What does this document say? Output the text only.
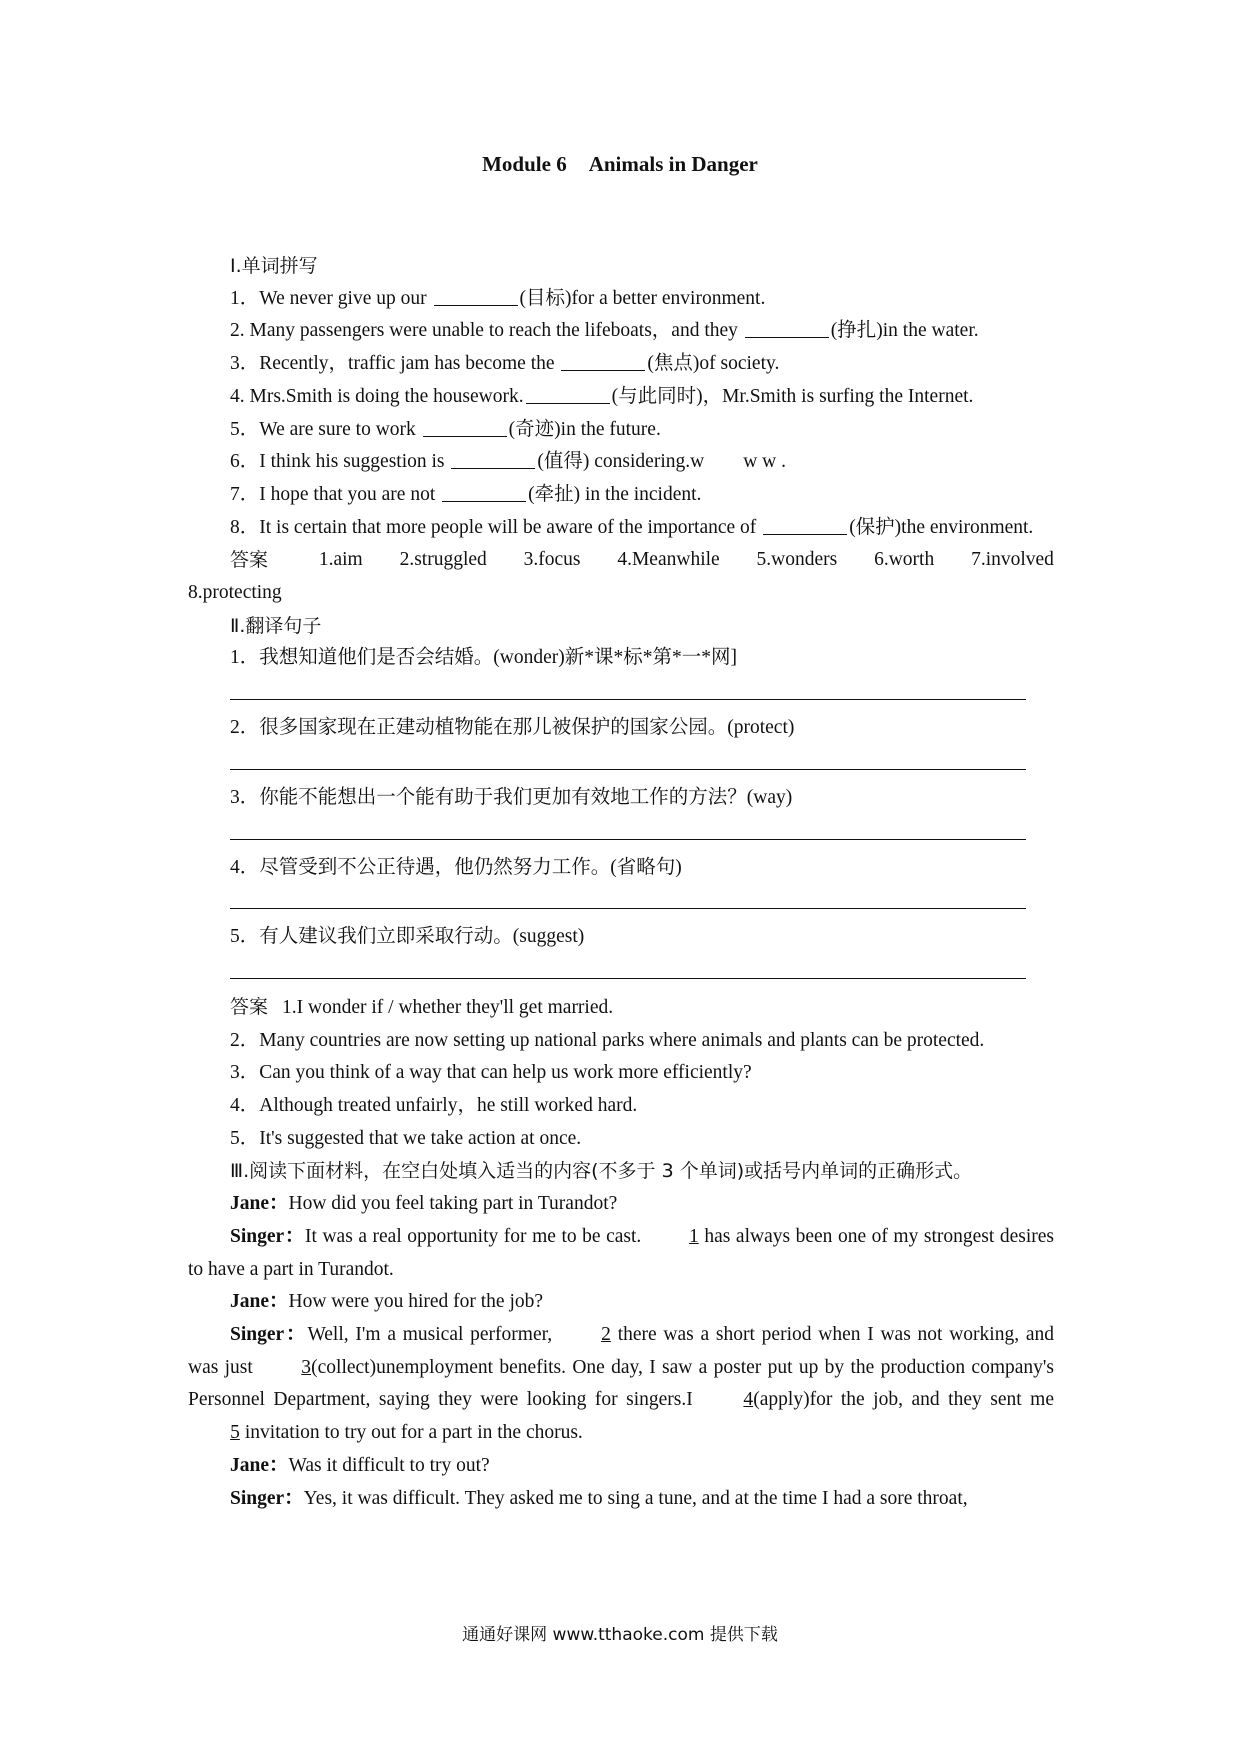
Module 6 Animals in Danger

Ⅰ.单词拼写

1．We never give up our	(目标)for a better environment.

2. Many passengers were unable to reach the lifeboats，and they	(挣扎)in the water.

3．Recently，traffic jam has become the	(焦点)of society.

4. Mrs.Smith is doing the housework.	(与此同时)，Mr.Smith is surfing the Internet.

5．We are sure to work	(奇迹)in the future.

6．I think his suggestion is	(值得) considering.w　　w w .

7．I hope that you are not	(牵扯) in the incident.

8．It is certain that more people will be aware of the importance of	(保护)the environment.

答案	1.aim 2.struggled 3.focus 4.Meanwhile 5.wonders 6.worth 7.involved

8.protecting

Ⅱ.翻译句子

1．我想知道他们是否会结婚。(wonder)新*课*标*第*一*网]

2．很多国家现在正建动植物能在那儿被保护的国家公园。(protect)

3．你能不能想出一个能有助于我们更加有效地工作的方法？(way)

4．尽管受到不公正待遇，他仍然努力工作。(省略句)

5．有人建议我们立即采取行动。(suggest)

答案 1.I wonder if / whether they'll get married.

2．Many countries are now setting up national parks where animals and plants can be protected.

3．Can you think of a way that can help us work more efficiently?

4．Although treated unfairly，he still worked hard.

5．It's suggested that we take action at once.

Ⅲ.阅读下面材料，在空白处填入适当的内容(不多于 3 个单词)或括号内单词的正确形式。

Jane：How did you feel taking part in Turandot?

Singer：It was a real opportunity for me to be cast. 1 has always been one of my strongest desires to have a part in Turandot.

Jane：How were you hired for the job?

Singer：Well, I'm a musical performer, 2 there was a short period when I was not working, and was just 3(collect)unemployment benefits. One day, I saw a poster put up by the production company's Personnel Department, saying they were looking for singers.I 4(apply)for the job, and they sent me 5 invitation to try out for a part in the chorus.

Jane：Was it difficult to try out?

Singer：Yes, it was difficult. They asked me to sing a tune, and at the time I had a sore throat,

通通好课网 www.tthaoke.com 提供下载
